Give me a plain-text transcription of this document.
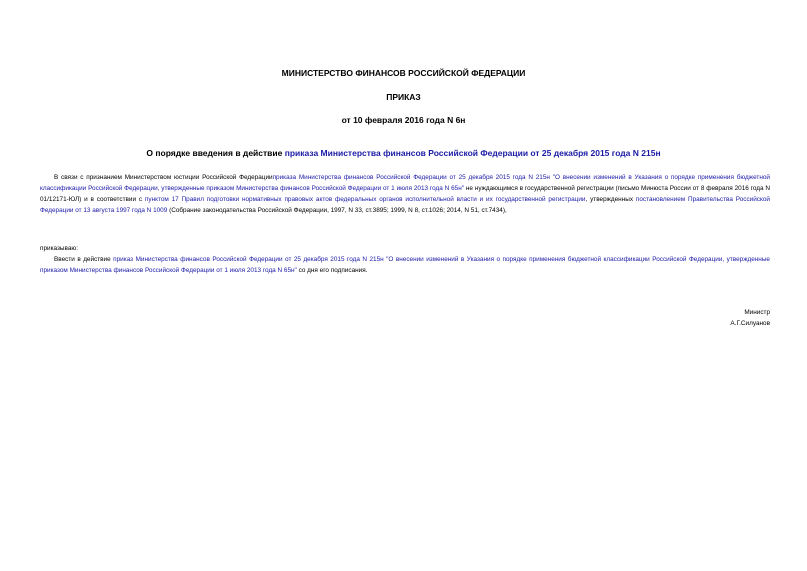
МИНИСТЕРСТВО ФИНАНСОВ РОССИЙСКОЙ ФЕДЕРАЦИИ
ПРИКАЗ
от 10 февраля 2016 года N 6н
О порядке введения в действие приказа Министерства финансов Российской Федерации от 25 декабря 2015 года N 215н
В связи с признанием Министерством юстиции Российской Федерацииприказа Министерства финансов Российской Федерации от 25 декабря 2015 года N 215н "О внесении изменений в Указания о порядке применения бюджетной классификации Российской Федерации, утвержденные приказом Министерства финансов Российской Федерации от 1 июля 2013 года N 65н" не нуждающимся в государственной регистрации (письмо Минюста России от 8 февраля 2016 года N 01/12171-ЮЛ) и в соответствии с пунктом 17 Правил подготовки нормативных правовых актов федеральных органов исполнительной власти и их государственной регистрации, утвержденных постановлением Правительства Российской Федерации от 13 августа 1997 года N 1009 (Собрание законодательства Российской Федерации, 1997, N 33, ст.3895; 1999, N 8, ст.1026; 2014, N 51, ст.7434),
приказываю:
Ввести в действие приказ Министерства финансов Российской Федерации от 25 декабря 2015 года N 215н "О внесении изменений в Указания о порядке применения бюджетной классификации Российской Федерации, утвержденные приказом Министерства финансов Российской Федерации от 1 июля 2013 года N 65н" со дня его подписания.
Министр
А.Г.Силуанов
